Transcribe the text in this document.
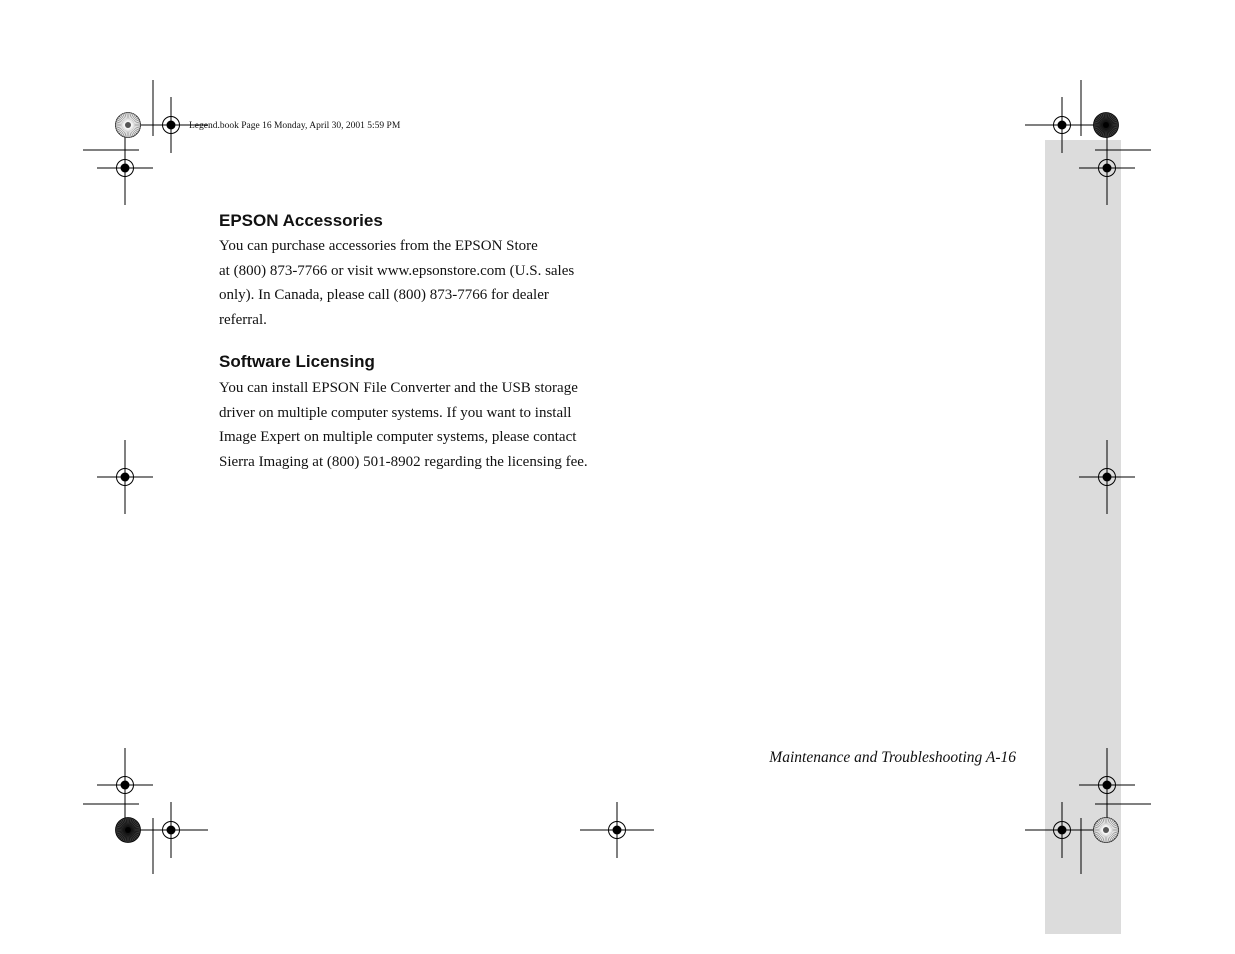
Legend.book Page 16 Monday, April 30, 2001 5:59 PM
EPSON Accessories
You can purchase accessories from the EPSON Store
at (800) 873-7766 or visit www.epsonstore.com (U.S. sales
only). In Canada, please call (800) 873-7766 for dealer
referral.
Software Licensing
You can install EPSON File Converter and the USB storage
driver on multiple computer systems. If you want to install
Image Expert on multiple computer systems, please contact
Sierra Imaging at (800) 501-8902 regarding the licensing fee.
Maintenance and Troubleshooting A-16
